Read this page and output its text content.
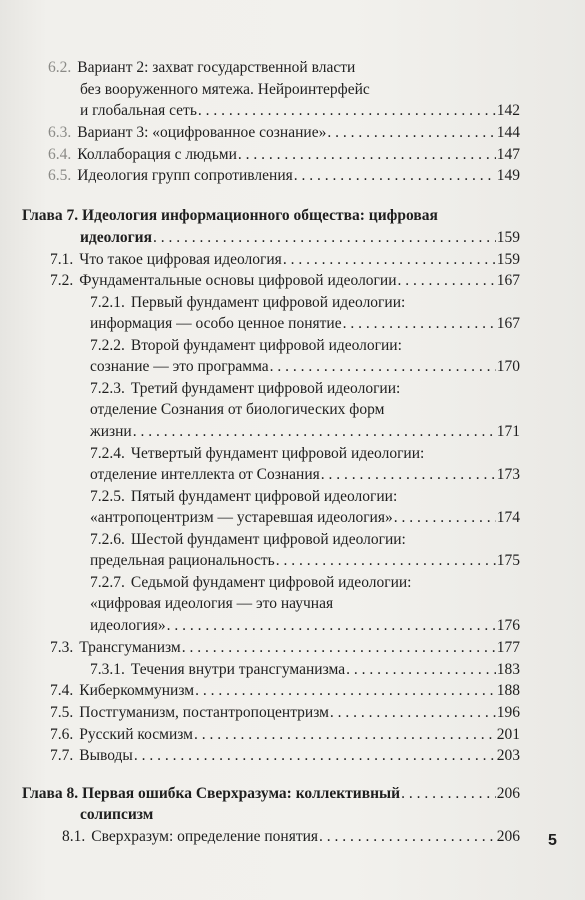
6.2. Вариант 2: захват государственной власти
без вооруженного мятежа. Нейроинтерфейс
и глобальная сеть . . .	142
6.3. Вариант 3: «оцифрованное сознание» . . .	144
6.4. Коллаборация с людьми . . .	147
6.5. Идеология групп сопротивления . . .	149
Глава 7. Идеология информационного общества: цифровая
идеология . . .	159
7.1. Что такое цифровая идеология . . .	159
7.2. Фундаментальные основы цифровой идеологии . . .	167
7.2.1. Первый фундамент цифровой идеологии:
информация — особо ценное понятие . . .	167
7.2.2. Второй фундамент цифровой идеологии:
сознание — это программа . . .	170
7.2.3. Третий фундамент цифровой идеологии:
отделение Сознания от биологических форм
жизни . . .	171
7.2.4. Четвертый фундамент цифровой идеологии:
отделение интеллекта от Сознания . . .	173
7.2.5. Пятый фундамент цифровой идеологии:
«антропоцентризм — устаревшая идеология» . . .	174
7.2.6. Шестой фундамент цифровой идеологии:
предельная рациональность . . .	175
7.2.7. Седьмой фундамент цифровой идеологии:
«цифровая идеология — это научная
идеология» . . .	176
7.3. Трансгуманизм . . .	177
7.3.1. Течения внутри трансгуманизма . . .	183
7.4. Киберкоммунизм . . .	188
7.5. Постгуманизм, постантропоцентризм . . .	196
7.6. Русский космизм . . .	201
7.7. Выводы . . .	203
Глава 8. Первая ошибка Сверхразума: коллективный . . .	206
солипсизм
8.1. Сверхразум: определение понятия . . .	206 5
